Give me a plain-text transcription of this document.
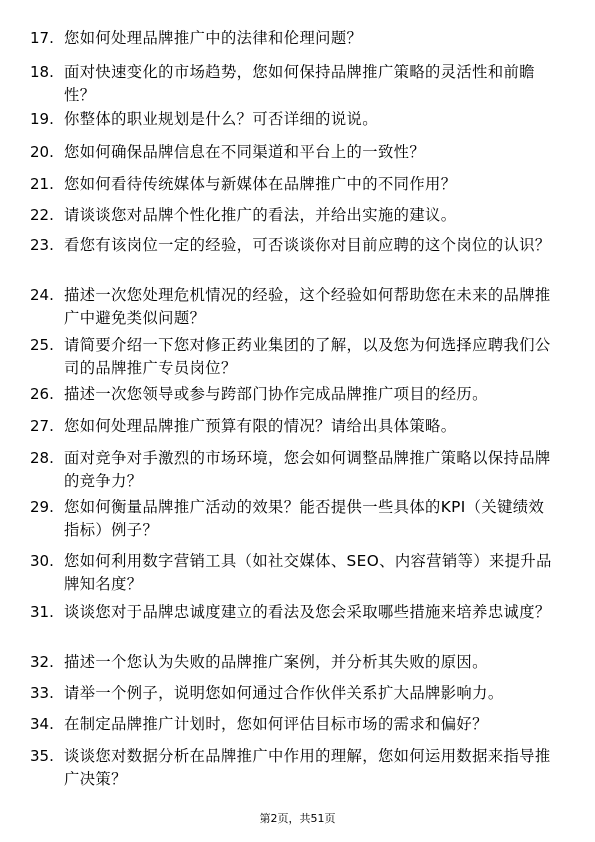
17. 您如何处理品牌推广中的法律和伦理问题？
18. 面对快速变化的市场趋势，您如何保持品牌推广策略的灵活性和前瞻性？
19. 你整体的职业规划是什么？可否详细的说说。
20. 您如何确保品牌信息在不同渠道和平台上的一致性？
21. 您如何看待传统媒体与新媒体在品牌推广中的不同作用？
22. 请谈谈您对品牌个性化推广的看法，并给出实施的建议。
23. 看您有该岗位一定的经验，可否谈谈你对目前应聘的这个岗位的认识？
24. 描述一次您处理危机情况的经验，这个经验如何帮助您在未来的品牌推广中避免类似问题？
25. 请简要介绍一下您对修正药业集团的了解，以及您为何选择应聘我们公司的品牌推广专员岗位？
26. 描述一次您领导或参与跨部门协作完成品牌推广项目的经历。
27. 您如何处理品牌推广预算有限的情况？请给出具体策略。
28. 面对竞争对手激烈的市场环境，您会如何调整品牌推广策略以保持品牌的竞争力？
29. 您如何衡量品牌推广活动的效果？能否提供一些具体的KPI（关键绩效指标）例子？
30. 您如何利用数字营销工具（如社交媒体、SEO、内容营销等）来提升品牌知名度？
31. 谈谈您对于品牌忠诚度建立的看法及您会采取哪些措施来培养忠诚度？
32. 描述一个您认为失败的品牌推广案例，并分析其失败的原因。
33. 请举一个例子，说明您如何通过合作伙伴关系扩大品牌影响力。
34. 在制定品牌推广计划时，您如何评估目标市场的需求和偏好？
35. 谈谈您对数据分析在品牌推广中作用的理解，您如何运用数据来指导推广决策？
第2页，共51页
